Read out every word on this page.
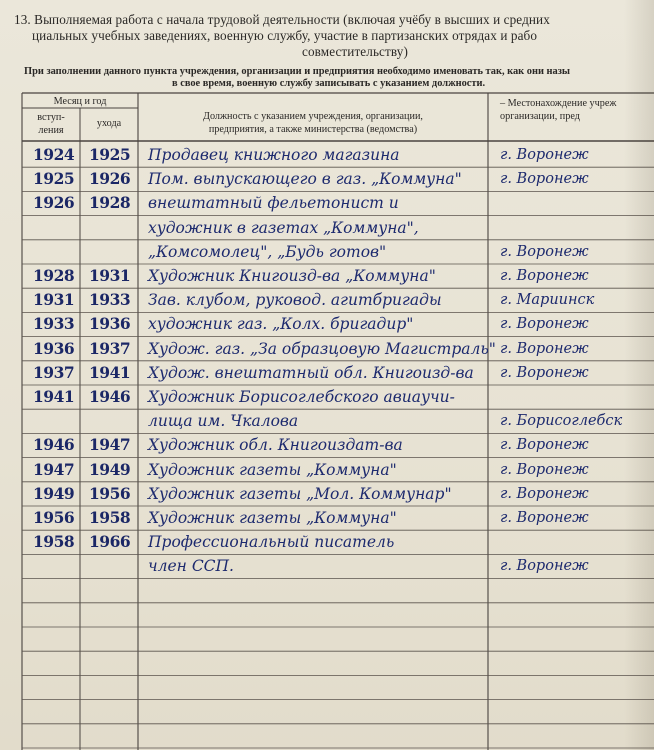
13. Выполняемая работа с начала трудовой деятельности (включая учёбу в высших и средних
циальных учебных заведениях, военную службу, участие в партизанских отрядах и рабо
совместительству)
При заполнении данного пункта учреждения, организации и предприятия необходимо именовать так, как они назы
в свое время, военную службу записывать с указанием должности.
Месяц и год
вступ-
ления
ухода
Должность с указанием учреждения, организации,
предприятия, а также министерства (ведомства)
– Местонахождение учреж
организации, пред
1924 1925 Продавец книжного магазина	г. Воронеж
1925 1926 Пом. выпускающего в газ. „Коммуна"	г. Воронеж
1926 1928 внештатный фельетонист и
художник в газетах „Коммуна",
„Комсомолец", „Будь готов"	г. Воронеж
1928 1931 Художник Книгоизд-ва „Коммуна"	г. Воронеж
1931 1933 Зав. клубом, руковод. агитбригады	г. Мариинск
1933 1936 художник газ. „Колх. бригадир"	г. Воронеж
1936 1937 Худож. газ. „За образцовую Магистраль" г. Воронеж
1937 1941 Худож. внештатный обл. Книгоизд-ва г. Воронеж
1941 1946 Художник Борисоглебского авиаучи-
лища им. Чкалова	г. Борисоглебск
1946 1947 Художник обл. Книгоиздат-ва	г. Воронеж
1947 1949 Художник газеты „Коммуна"	г. Воронеж
1949 1956 Художник газеты „Мол. Коммунар"	г. Воронеж
1956 1958 Художник газеты „Коммуна"	г. Воронеж
1958 1966 Профессиональный писатель
член ССП.	г. Воронеж
